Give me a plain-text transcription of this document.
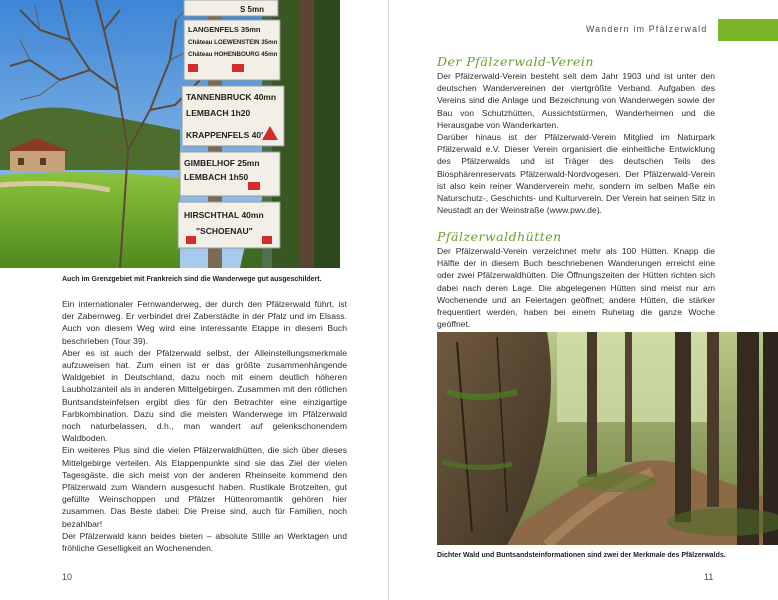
S 5mn
LANGENFELS 35mn
Château LOEWENSTEIN 35mn
Château HOHENBOURG 45mn
TANNENBRUCK 40mn
LEMBACH 1h20
KRAPPENFELS 40'
GIMBELHOF 25mn
LEMBACH 1h50
HIRSCHTHAL 40mn
"SCHOENAU"
Auch im Grenzgebiet mit Frankreich sind die Wanderwege gut ausgeschildert.

Ein internationaler Fernwanderweg, der durch den Pfälzerwald führt, ist der Zabernweg. Er verbindet drei Zaberstädte in der Pfalz und im Elsass. Auch von diesem Weg wird eine interessante Etappe in diesem Buch beschrieben (Tour 39).

Aber es ist auch der Pfälzerwald selbst, der Alleinstellungsmerkmale aufzuweisen hat. Zum einen ist er das größte zusammenhängende Waldgebiet in Deutschland, dazu noch mit einem deutlich höheren Laubholzanteil als in anderen Mittelgebirgen. Zusammen mit den rötlichen Buntsandsteinfelsen ergibt dies für den Betrachter eine einzigartige Farbkombination. Dazu sind die meisten Wanderwege im Pfälzerwald noch naturbelassen, d.h., man wandert auf gelenkschonendem Waldboden.

Ein weiteres Plus sind die vielen Pfälzerwaldhütten, die sich über dieses Mittelgebirge verteilen. Als Etappenpunkte sind sie das Ziel der vielen Tagesgäste, die sich meist von der anderen Rheinseite kommend den Pfälzerwald zum Wandern ausgesucht haben. Rustikale Brotzeiten, gut gefüllte Weinschoppen und Pfälzer Hüttenromantik gehören hier zusammen. Das Beste dabei: Die Preise sind, auch für Familien, noch bezahlbar!

Der Pfälzerwald kann beides bieten – absolute Stille an Werktagen und fröhliche Geselligkeit an Wochenenden.

10
Wandern im Pfälzerwald
Der Pfälzerwald-Verein

Der Pfälzerwald-Verein besteht seit dem Jahr 1903 und ist unter den deutschen Wandervereinen der viertgrößte Verband. Aufgaben des Vereins sind die Anlage und Bezeichnung von Wanderwegen sowie der Bau von Schutzhütten, Aussichtstürmen, Wanderheimen und die Herausgabe von Wanderkarten.

Darüber hinaus ist der Pfälzerwald-Verein Mitglied im Naturpark Pfälzerwald e.V. Dieser Verein organisiert die einheitliche Entwicklung des Pfälzerwalds und ist Träger des deutschen Teils des Biosphärenreservats Pfälzerwald-Nordvogesen. Der Pfälzerwald-Verein ist also kein reiner Wanderverein mehr, sondern im selben Maße ein Naturschutz-, Geschichts- und Kulturverein. Der Verein hat seinen Sitz in Neustadt an der Weinstraße (www.pwv.de).

Pfälzerwaldhütten

Der Pfälzerwald-Verein verzeichnet mehr als 100 Hütten. Knapp die Hälfte der in diesem Buch beschriebenen Wanderungen erreicht eine oder zwei Pfälzerwaldhütten. Die Öffnungszeiten der Hütten richten sich dabei nach deren Lage. Die abgelegenen Hütten sind meist nur am Wochenende und an Feiertagen geöffnet; andere Hütten, die stärker frequentiert werden, haben bei einem Ruhetag die ganze Woche geöffnet.

Dichter Wald und Buntsandsteinformationen sind zwei der Merkmale des Pfälzerwalds.
11
